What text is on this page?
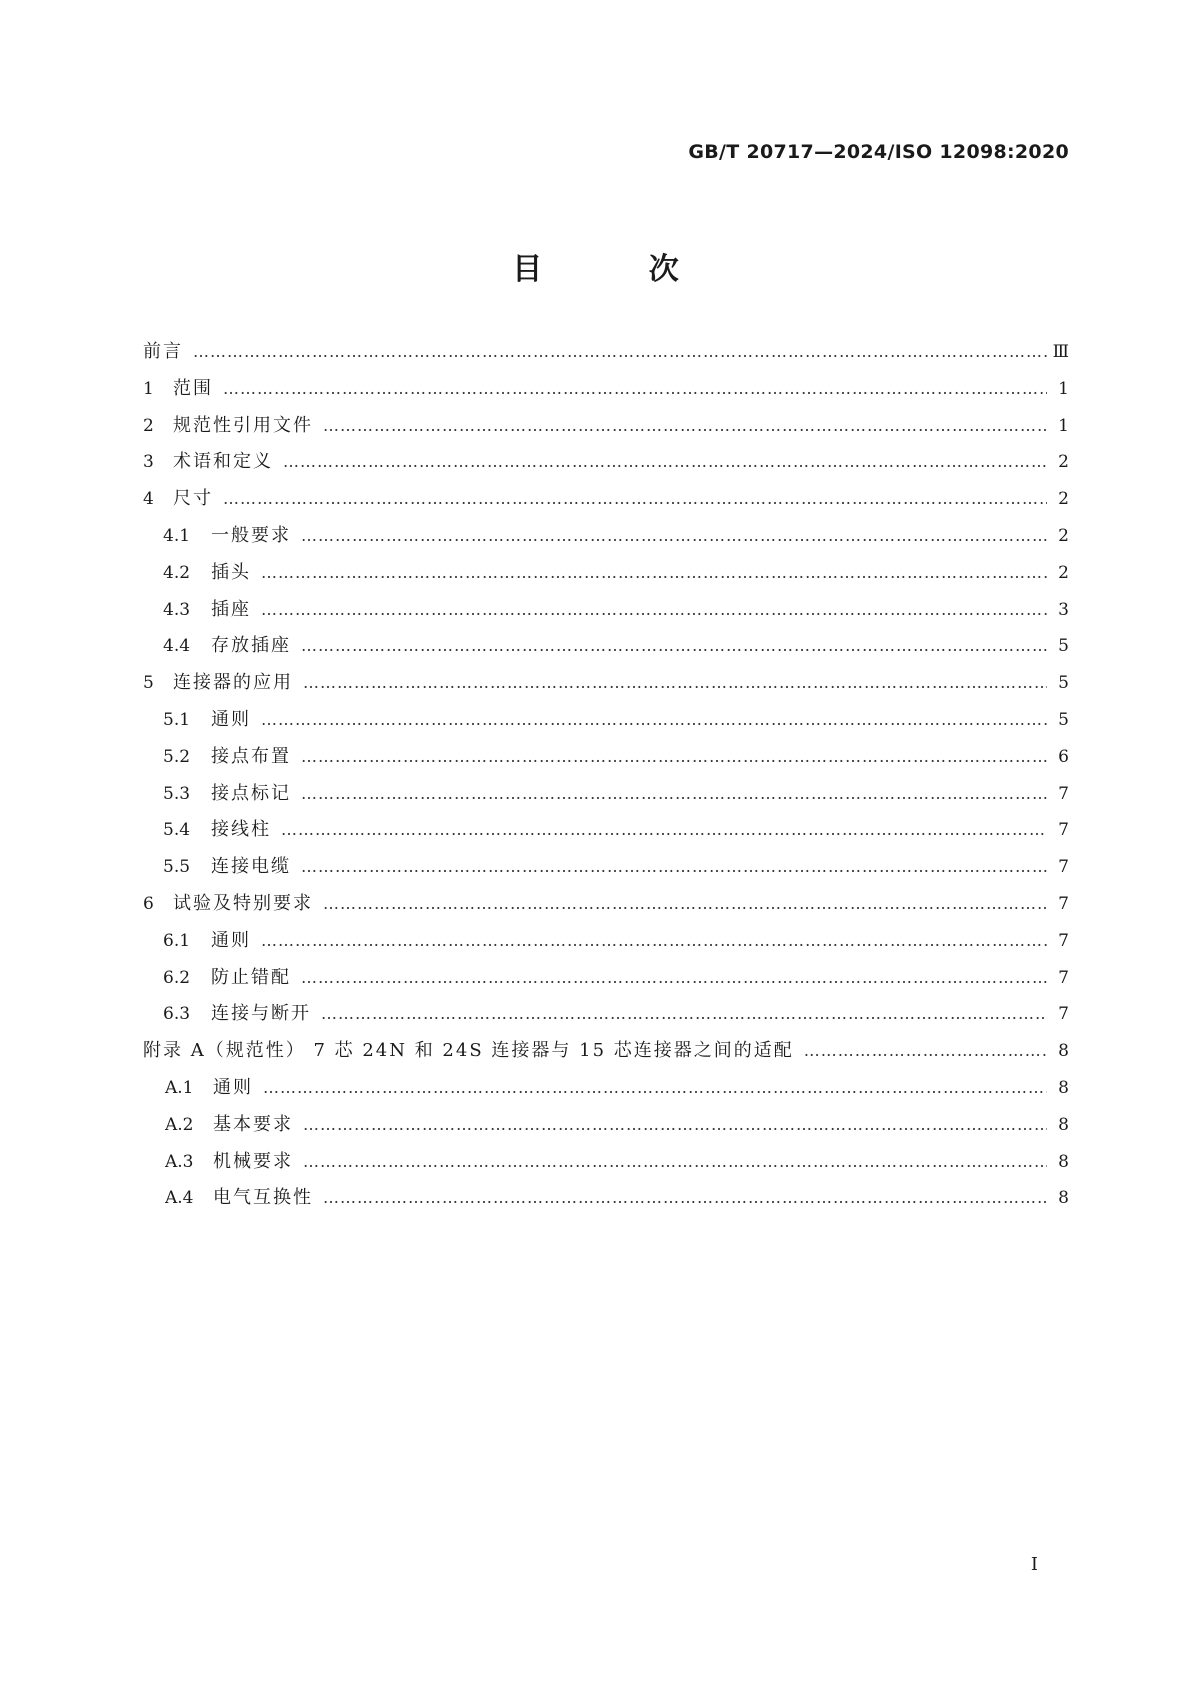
GB/T 20717—2024/ISO 12098:2020
目 次
前言 …………………………………………………………………………………………………………………………………………………………………………………	Ⅲ
1	范围 …………………………………………………………………………………………………………………………………………………………………………………	1
2	规范性引用文件 …………………………………………………………………………………………………………………………………………………………………………………	1
3	术语和定义 …………………………………………………………………………………………………………………………………………………………………………………	2
4	尺寸 …………………………………………………………………………………………………………………………………………………………………………………	2
4.1	一般要求 …………………………………………………………………………………………………………………………………………………………………………………	2
4.2	插头 …………………………………………………………………………………………………………………………………………………………………………………	2
4.3	插座 …………………………………………………………………………………………………………………………………………………………………………………	3
4.4	存放插座 …………………………………………………………………………………………………………………………………………………………………………………	5
5	连接器的应用 …………………………………………………………………………………………………………………………………………………………………………………	5
5.1	通则 …………………………………………………………………………………………………………………………………………………………………………………	5
5.2	接点布置 …………………………………………………………………………………………………………………………………………………………………………………	6
5.3	接点标记 …………………………………………………………………………………………………………………………………………………………………………………	7
5.4	接线柱 …………………………………………………………………………………………………………………………………………………………………………………	7
5.5	连接电缆 …………………………………………………………………………………………………………………………………………………………………………………	7
6	试验及特别要求 …………………………………………………………………………………………………………………………………………………………………………………	7
6.1	通则 …………………………………………………………………………………………………………………………………………………………………………………	7
6.2	防止错配 …………………………………………………………………………………………………………………………………………………………………………………	7
6.3	连接与断开 …………………………………………………………………………………………………………………………………………………………………………………	7
附录 A（规范性） 7 芯 24N 和 24S 连接器与 15 芯连接器之间的适配 …………………………………………………………………………………………………………………………………………………………………………………	8
A.1	通则 …………………………………………………………………………………………………………………………………………………………………………………	8
A.2	基本要求 …………………………………………………………………………………………………………………………………………………………………………………	8
A.3	机械要求 …………………………………………………………………………………………………………………………………………………………………………………	8
A.4	电气互换性 …………………………………………………………………………………………………………………………………………………………………………………	8
I
